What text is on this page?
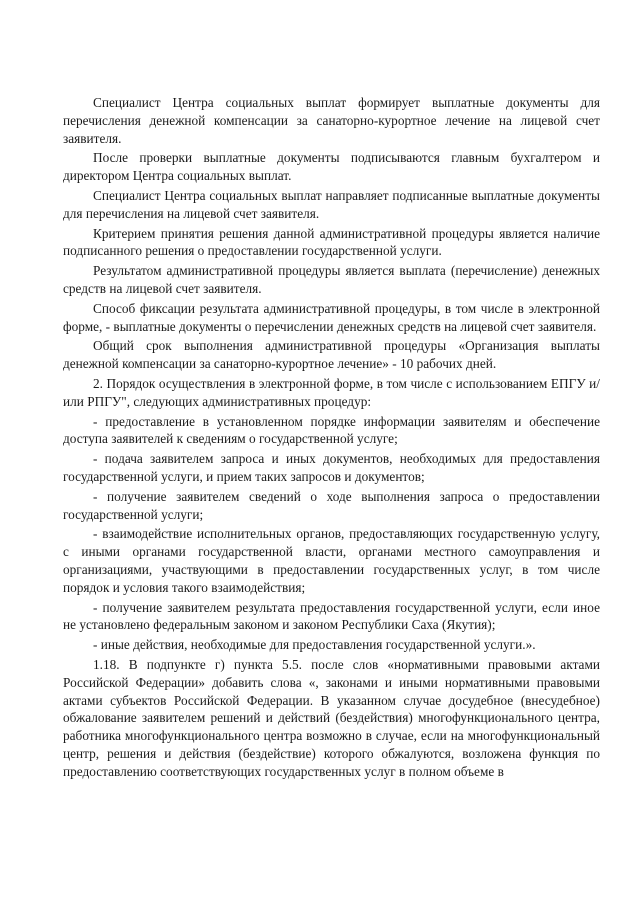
Специалист Центра социальных выплат формирует выплатные документы для перечисления денежной компенсации за санаторно-курортное лечение на лицевой счет заявителя.

После проверки выплатные документы подписываются главным бухгалтером и директором Центра социальных выплат.

Специалист Центра социальных выплат направляет подписанные выплатные документы для перечисления на лицевой счет заявителя.

Критерием принятия решения данной административной процедуры является наличие подписанного решения о предоставлении государственной услуги.

Результатом административной процедуры является выплата (перечисление) денежных средств на лицевой счет заявителя.

Способ фиксации результата административной процедуры, в том числе в электронной форме, - выплатные документы о перечислении денежных средств на лицевой счет заявителя.

Общий срок выполнения административной процедуры «Организация выплаты денежной компенсации за санаторно-курортное лечение» - 10 рабочих дней.

2. Порядок осуществления в электронной форме, в том числе с использованием ЕПГУ и/или РПГУ", следующих административных процедур:

- предоставление в установленном порядке информации заявителям и обеспечение доступа заявителей к сведениям о государственной услуге;

- подача заявителем запроса и иных документов, необходимых для предоставления государственной услуги, и прием таких запросов и документов;

- получение заявителем сведений о ходе выполнения запроса о предоставлении государственной услуги;

- взаимодействие исполнительных органов, предоставляющих государственную услугу, с иными органами государственной власти, органами местного самоуправления и организациями, участвующими в предоставлении государственных услуг, в том числе порядок и условия такого взаимодействия;

- получение заявителем результата предоставления государственной услуги, если иное не установлено федеральным законом и законом Республики Саха (Якутия);

- иные действия, необходимые для предоставления государственной услуги.».

1.18. В подпункте г) пункта 5.5. после слов «нормативными правовыми актами Российской Федерации» добавить слова «, законами и иными нормативными правовыми актами субъектов Российской Федерации. В указанном случае досудебное (внесудебное) обжалование заявителем решений и действий (бездействия) многофункционального центра, работника многофункционального центра возможно в случае, если на многофункциональный центр, решения и действия (бездействие) которого обжалуются, возложена функция по предоставлению соответствующих государственных услуг в полном объеме в
